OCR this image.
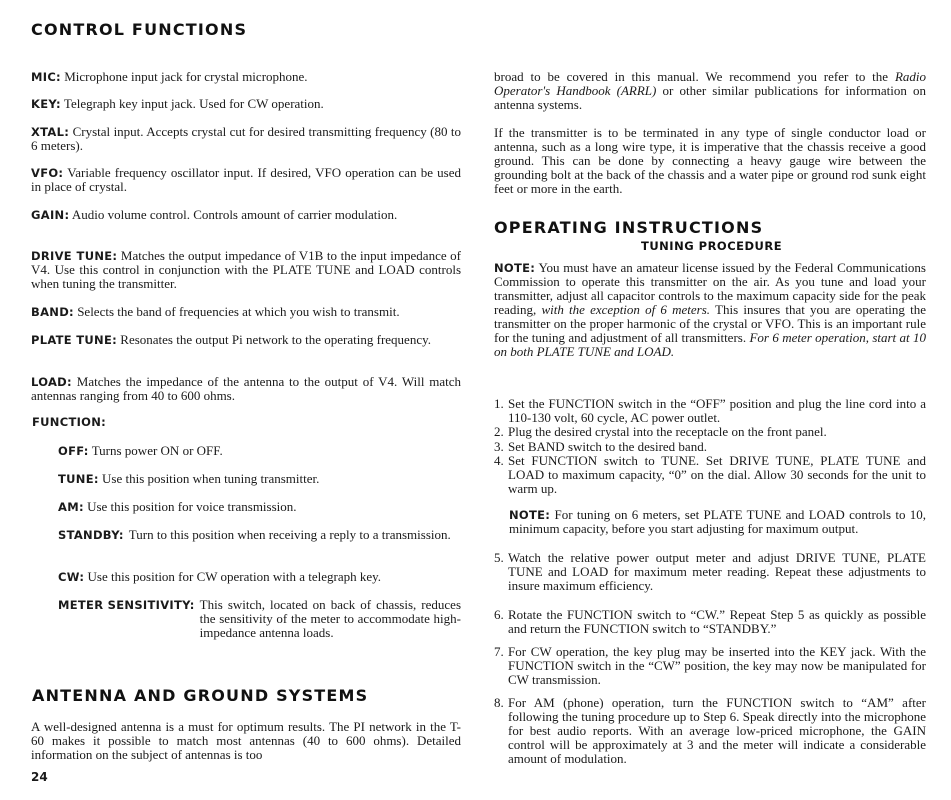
CONTROL FUNCTIONS
MIC: Microphone input jack for crystal microphone.
KEY: Telegraph key input jack. Used for CW operation.
XTAL: Crystal input. Accepts crystal cut for desired transmitting frequency (80 to 6 meters).
VFO: Variable frequency oscillator input. If desired, VFO operation can be used in place of crystal.
GAIN: Audio volume control. Controls amount of carrier modulation.
DRIVE TUNE: Matches the output impedance of V1B to the input impedance of V4. Use this control in conjunction with the PLATE TUNE and LOAD controls when tuning the transmitter.
BAND: Selects the band of frequencies at which you wish to transmit.
PLATE TUNE: Resonates the output Pi network to the operating frequency.
LOAD: Matches the impedance of the antenna to the output of V4. Will match antennas ranging from 40 to 600 ohms.
FUNCTION:
OFF: Turns power ON or OFF.
TUNE: Use this position when tuning transmitter.
AM: Use this position for voice transmission.
STANDBY: Turn to this position when receiving a reply to a transmission.
CW: Use this position for CW operation with a telegraph key.
METER SENSITIVITY: This switch, located on back of chassis, reduces the sensitivity of the meter to accommodate high-impedance antenna loads.
ANTENNA AND GROUND SYSTEMS
A well-designed antenna is a must for optimum results. The PI network in the T-60 makes it possible to match most antennas (40 to 600 ohms). Detailed information on the subject of antennas is too
24
broad to be covered in this manual. We recommend you refer to the Radio Operator's Handbook (ARRL) or other similar publications for information on antenna systems.
If the transmitter is to be terminated in any type of single conductor load or antenna, such as a long wire type, it is imperative that the chassis receive a good ground. This can be done by connecting a heavy gauge wire between the grounding bolt at the back of the chassis and a water pipe or ground rod sunk eight feet or more in the earth.
OPERATING INSTRUCTIONS
TUNING PROCEDURE
NOTE: You must have an amateur license issued by the Federal Communications Commission to operate this transmitter on the air. As you tune and load your transmitter, adjust all capacitor controls to the maximum capacity side for the peak reading, with the exception of 6 meters. This insures that you are operating the transmitter on the proper harmonic of the crystal or VFO. This is an important rule for the tuning and adjustment of all transmitters. For 6 meter operation, start at 10 on both PLATE TUNE and LOAD.
1. Set the FUNCTION switch in the “OFF” position and plug the line cord into a 110-130 volt, 60 cycle, AC power outlet.
2. Plug the desired crystal into the receptacle on the front panel.
3. Set BAND switch to the desired band.
4. Set FUNCTION switch to TUNE. Set DRIVE TUNE, PLATE TUNE and LOAD to maximum capacity, “0” on the dial. Allow 30 seconds for the unit to warm up.
NOTE: For tuning on 6 meters, set PLATE TUNE and LOAD controls to 10, minimum capacity, before you start adjusting for maximum output.
5. Watch the relative power output meter and adjust DRIVE TUNE, PLATE TUNE and LOAD for maximum meter reading. Repeat these adjustments to insure maximum efficiency.
6. Rotate the FUNCTION switch to “CW.” Repeat Step 5 as quickly as possible and return the FUNCTION switch to “STANDBY.”
7. For CW operation, the key plug may be inserted into the KEY jack. With the FUNCTION switch in the “CW” position, the key may now be manipulated for CW transmission.
8. For AM (phone) operation, turn the FUNCTION switch to “AM” after following the tuning procedure up to Step 6. Speak directly into the microphone for best audio reports. With an average low-priced microphone, the GAIN control will be approximately at 3 and the meter will indicate a considerable amount of modulation.
